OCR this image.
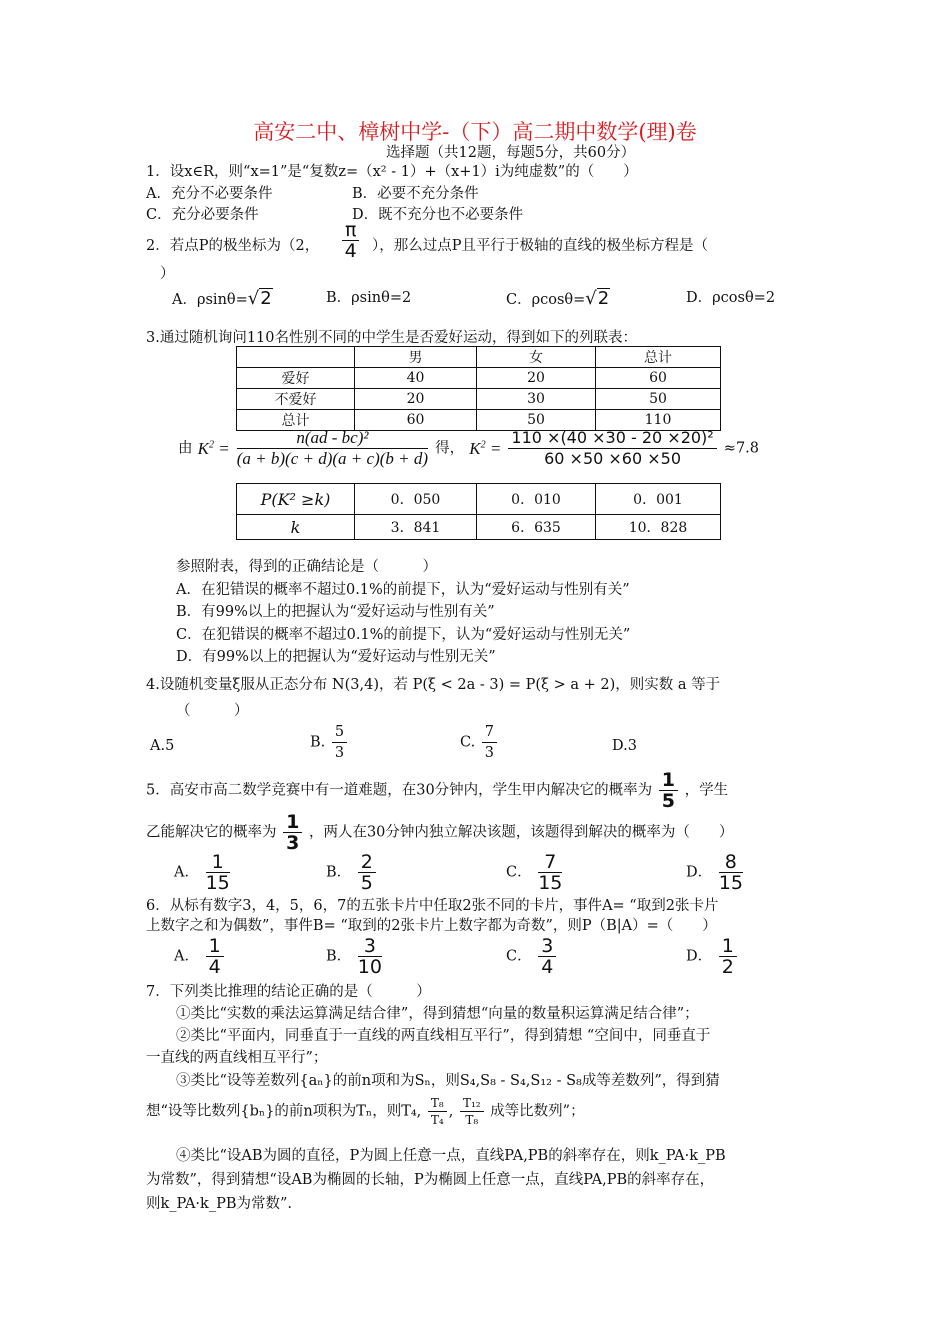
高安二中、樟树中学-（下）高二期中数学(理)卷
选择题（共12题，每题5分，共60分）
1．设x∈R，则“x=1”是“复数z=（x² - 1）+（x+1）i为纯虚数”的（　　）
A．充分不必要条件	B．必要不充分条件
C．充分必要条件	D．既不充分也不必要条件
2．若点P的极坐标为（2， $\frac{\pi}{4}$ ），那么过点P且平行于极轴的直线的极坐标方程是（
）
A．ρsinθ=√2	B．ρsinθ=2	C．ρcosθ=√2	D．ρcosθ=2
3.通过随机询问110名性别不同的中学生是否爱好运动，得到如下的列联表：
	男	女	总计
爱好	40	20	60
不爱好	20	30	50
总计	60	50	110
由 $K^2 = \frac{\text{n(ad - bc)²}}{(a + b)(c + d)(a + c)(b + d)}$ 得， $K^2 = \frac{\text{110 ×(40 ×30 - 20 ×20)²}}{60 \times 50 \times 60 \times 50} \approx 7.8$
P(K² ≥k)	0．050	0．010	0．001
k	3．841	6．635	10．828
参照附表，得到的正确结论是（　　　）
A．在犯错误的概率不超过0.1%的前提下，认为“爱好运动与性别有关”
B．有99%以上的把握认为“爱好运动与性别有关”
C．在犯错误的概率不超过0.1%的前提下，认为“爱好运动与性别无关”
D．有99%以上的把握认为“爱好运动与性别无关”
4.设随机变量ξ服从正态分布 N(3,4)，若 P(ξ < 2a - 3) = P(ξ > a + 2)，则实数 a 等于
（　　　）
A.5	B. $\frac{5}{3}$	C. $\frac{7}{3}$	D.3
5．高安市高二数学竞赛中有一道难题，在30分钟内，学生甲内解决它的概率为 $\frac{1}{5}$ ，学生
乙能解决它的概率为 $\frac{1}{3}$ ，两人在30分钟内独立解决该题，该题得到解决的概率为（　　）
A． $\frac{1}{15}$	B． $\frac{2}{5}$	C． $\frac{7}{15}$	D． $\frac{8}{15}$
6．从标有数字3，4，5，6，7的五张卡片中任取2张不同的卡片，事件A= “取到2张卡片
上数字之和为偶数”，事件B= “取到的2张卡片上数字都为奇数”，则P（B|A）=（　　）
A． $\frac{1}{4}$	B． $\frac{3}{10}$	C． $\frac{3}{4}$	D． $\frac{1}{2}$
7．下列类比推理的结论正确的是（　　　）
①类比“实数的乘法运算满足结合律”，得到猜想“向量的数量积运算满足结合律”；
②类比“平面内，同垂直于一直线的两直线相互平行”，得到猜想 “空间中，同垂直于
一直线的两直线相互平行”；
③类比“设等差数列{aₙ}的前n项和为Sₙ，则S₄,S₈ - S₄,S₁₂ - S₈成等差数列”，得到猜
想“设等比数列{bₙ}的前n项积为Tₙ，则T₄, $\frac{\text{T₈}}{\text{T₄}}$ , $\frac{\text{T₁₂}}{\text{T₈}}$ 成等比数列”；
④类比“设AB为圆的直径，P为圆上任意一点，直线PA,PB的斜率存在，则k_PA·k_PB
为常数”，得到猜想“设AB为椭圆的长轴，P为椭圆上任意一点，直线PA,PB的斜率存在，
则k_PA·k_PB为常数”.
